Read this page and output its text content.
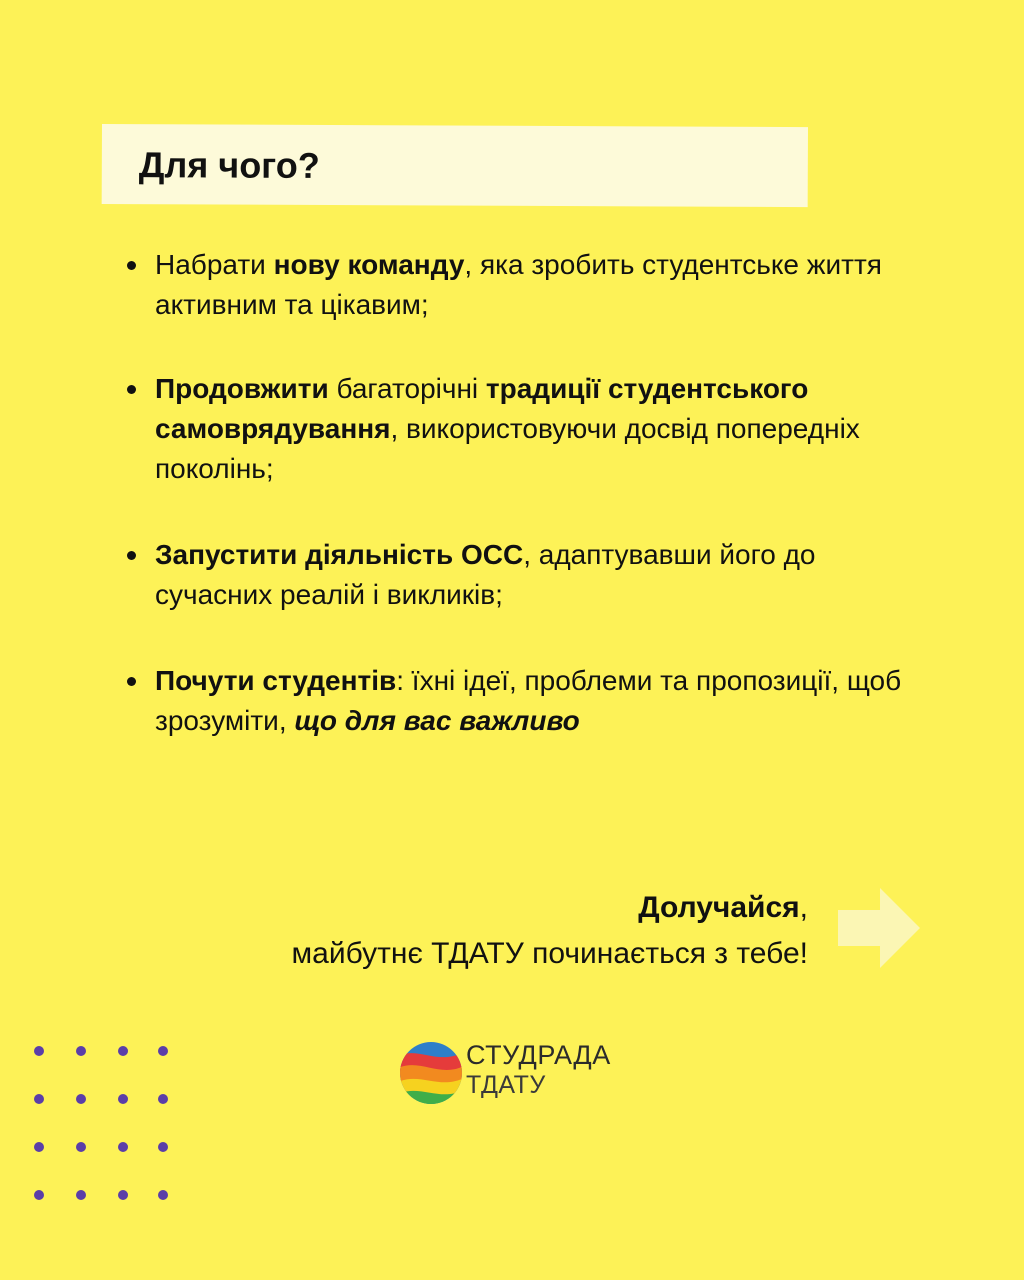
Для чого?

Набрати нову команду, яка зробить студентське життя активним та цікавим;

Продовжити багаторічні традиції студентського самоврядування, використовуючи досвід попередніх поколінь;

Запустити діяльність ОСС, адаптувавши його до сучасних реалій і викликів;

Почути студентів: їхні ідеї, проблеми та пропозиції, щоб зрозуміти, що для вас важливо

Долучайся,
майбутнє ТДАТУ починається з тебе!
СТУДРАДА
ТДАТУ
